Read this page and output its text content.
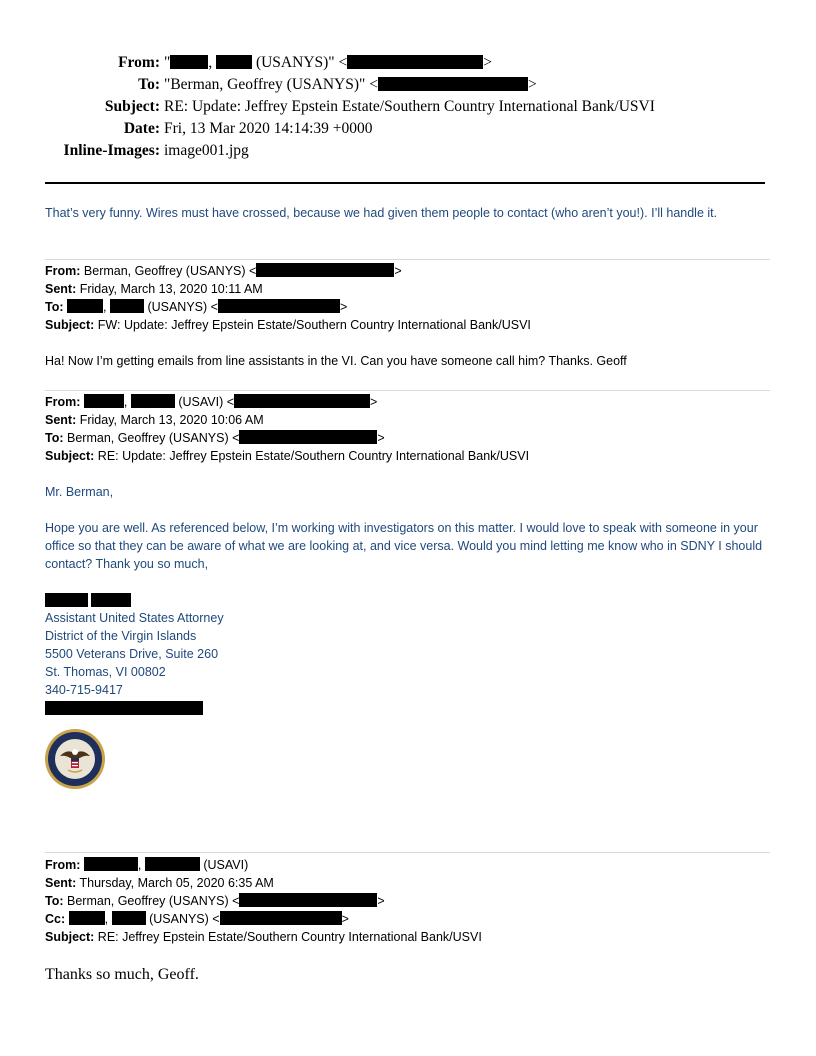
From: " ,	(USANYS)" <	>
To: "Berman, Geoffrey (USANYS)" <	>
Subject: RE: Update: Jeffrey Epstein Estate/Southern Country International Bank/USVI
Date: Fri, 13 Mar 2020 14:14:39 +0000
Inline-Images: image001.jpg
That’s very funny. Wires must have crossed, because we had given them people to contact (who aren’t you!). I’ll handle it.
From: Berman, Geoffrey (USANYS) <	>
Sent: Friday, March 13, 2020 10:11 AM
To:	,	(USANYS) <	>
Subject: FW: Update: Jeffrey Epstein Estate/Southern Country International Bank/USVI
Ha! Now I’m getting emails from line assistants in the VI. Can you have someone call him? Thanks. Geoff
From:	,	(USAVI) <	>
Sent: Friday, March 13, 2020 10:06 AM
To: Berman, Geoffrey (USANYS) <	>
Subject: RE: Update: Jeffrey Epstein Estate/Southern Country International Bank/USVI
Mr. Berman,
Hope you are well. As referenced below, I’m working with investigators on this matter. I would love to speak with someone in your office so that they can be aware of what we are looking at, and vice versa. Would you mind letting me know who in SDNY I should contact? Thank you so much,

Assistant United States Attorney
District of the Virgin Islands
5500 Veterans Drive, Suite 260
St. Thomas, VI 00802
340-715-9417
From:	,	(USAVI)
Sent: Thursday, March 05, 2020 6:35 AM
To: Berman, Geoffrey (USANYS) <	>
Cc:	,	(USANYS) <	>
Subject: RE: Jeffrey Epstein Estate/Southern Country International Bank/USVI
Thanks so much, Geoff.
